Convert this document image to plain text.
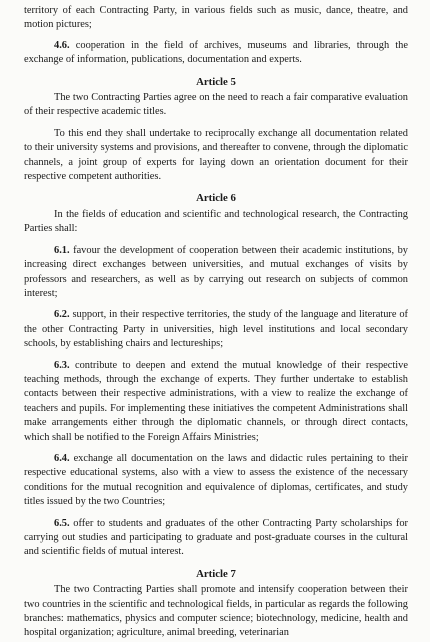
territory of each Contracting Party, in various fields such as music, dance, theatre, and motion pictures;

4.6. cooperation in the field of archives, museums and libraries, through the exchange of information, publications, documentation and experts.

Article 5

The two Contracting Parties agree on the need to reach a fair comparative evaluation of their respective academic titles.

To this end they shall undertake to reciprocally exchange all documentation related to their university systems and provisions, and thereafter to convene, through the diplomatic channels, a joint group of experts for laying down an orientation document for their respective competent authorities.

Article 6

In the fields of education and scientific and technological research, the Contracting Parties shall:

6.1. favour the development of cooperation between their academic institutions, by increasing direct exchanges between universities, and mutual exchanges of visits by professors and researchers, as well as by carrying out research on subjects of common interest;

6.2. support, in their respective territories, the study of the language and literature of the other Contracting Party in universities, high level institutions and local secondary schools, by establishing chairs and lectureships;

6.3. contribute to deepen and extend the mutual knowledge of their respective teaching methods, through the exchange of experts. They further undertake to establish contacts between their respective administrations, with a view to realize the exchange of teachers and pupils. For implementing these initiatives the competent Administrations shall make arrangements either through the diplomatic channels, or through direct contacts, which shall be notified to the Foreign Affairs Ministries;

6.4. exchange all documentation on the laws and didactic rules pertaining to their respective educational systems, also with a view to assess the existence of the necessary conditions for the mutual recognition and equivalence of diplomas, certificates, and study titles issued by the two Countries;

6.5. offer to students and graduates of the other Contracting Party scholarships for carrying out studies and participating to graduate and post-graduate courses in the cultural and scientific fields of mutual interest.

Article 7

The two Contracting Parties shall promote and intensify cooperation between their two countries in the scientific and technological fields, in particular as regards the following branches: mathematics, physics and computer science; biotechnology, medicine, health and hospital organization; agriculture, animal breeding, veterinarian
